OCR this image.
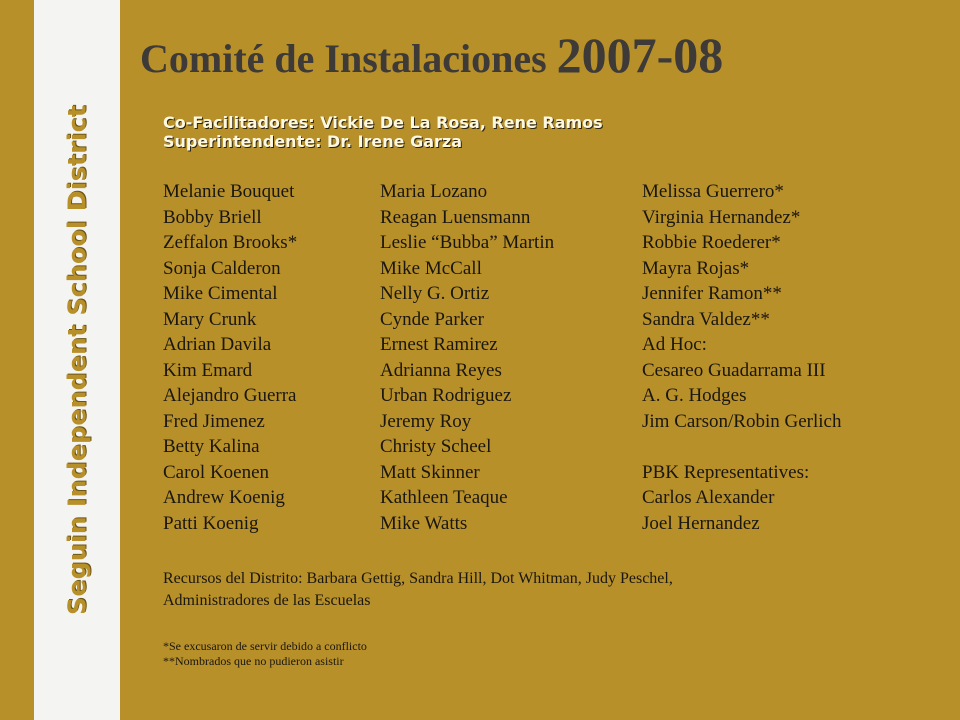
Seguin Independent School District
Comité de Instalaciones 2007-08
Co-Facilitadores: Vickie De La Rosa, Rene Ramos
Superintendente: Dr. Irene Garza
Melanie Bouquet
Bobby Briell
Zeffalon Brooks*
Sonja Calderon
Mike Cimental
Mary Crunk
Adrian Davila
Kim Emard
Alejandro Guerra
Fred Jimenez
Betty Kalina
Carol Koenen
Andrew Koenig
Patti Koenig
Maria Lozano
Reagan Luensmann
Leslie “Bubba” Martin
Mike McCall
Nelly G. Ortiz
Cynde Parker
Ernest Ramirez
Adrianna Reyes
Urban Rodriguez
Jeremy Roy
Christy Scheel
Matt Skinner
Kathleen Teaque
Mike Watts
Melissa Guerrero*
Virginia Hernandez*
Robbie Roederer*
Mayra Rojas*
Jennifer Ramon**
Sandra Valdez**
Ad Hoc:
Cesareo Guadarrama III
A. G. Hodges
Jim Carson/Robin Gerlich
PBK Representatives:
Carlos Alexander
Joel Hernandez
Recursos del Distrito: Barbara Gettig, Sandra Hill, Dot Whitman, Judy Peschel,
Administradores de las Escuelas
*Se excusaron de servir debido a conflicto
**Nombrados que no pudieron asistir
